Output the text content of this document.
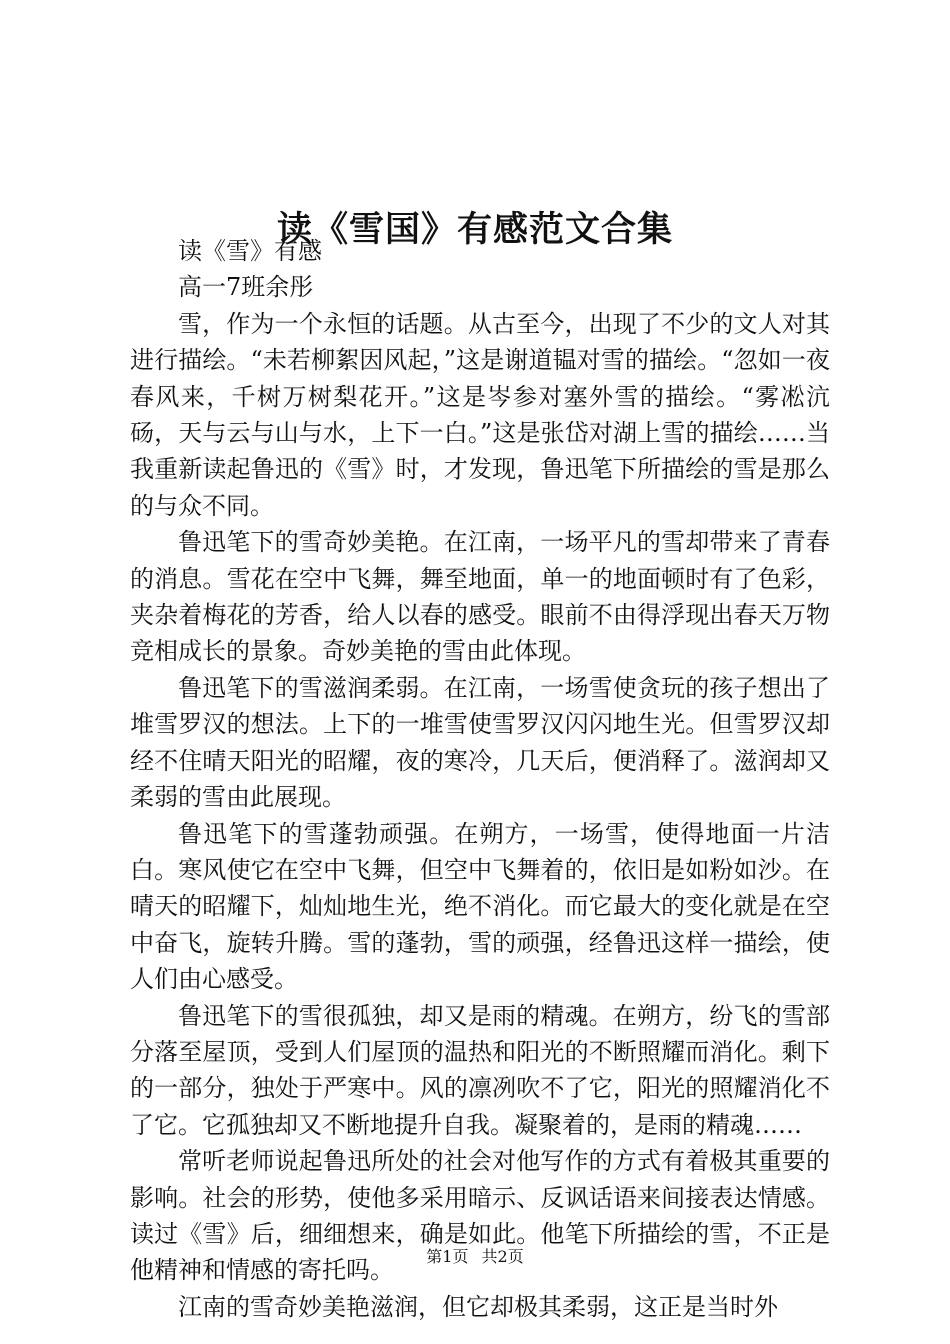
读《雪国》有感范文合集

读《雪》有感

高一7班余彤

雪，作为一个永恒的话题。从古至今，出现了不少的文人对其进行描绘。“未若柳絮因风起，”这是谢道韫对雪的描绘。“忽如一夜春风来，千树万树梨花开。”这是岑参对塞外雪的描绘。“雾凇沆砀，天与云与山与水，上下一白。”这是张岱对湖上雪的描绘……当我重新读起鲁迅的《雪》时，才发现，鲁迅笔下所描绘的雪是那么的与众不同。

鲁迅笔下的雪奇妙美艳。在江南，一场平凡的雪却带来了青春的消息。雪花在空中飞舞，舞至地面，单一的地面顿时有了色彩，夹杂着梅花的芳香，给人以春的感受。眼前不由得浮现出春天万物竞相成长的景象。奇妙美艳的雪由此体现。

鲁迅笔下的雪滋润柔弱。在江南，一场雪使贪玩的孩子想出了堆雪罗汉的想法。上下的一堆雪使雪罗汉闪闪地生光。但雪罗汉却经不住晴天阳光的昭耀，夜的寒冷，几天后，便消释了。滋润却又柔弱的雪由此展现。

鲁迅笔下的雪蓬勃顽强。在朔方，一场雪，使得地面一片洁白。寒风使它在空中飞舞，但空中飞舞着的，依旧是如粉如沙。在晴天的昭耀下，灿灿地生光，绝不消化。而它最大的变化就是在空中奋飞，旋转升腾。雪的蓬勃，雪的顽强，经鲁迅这样一描绘，使人们由心感受。

鲁迅笔下的雪很孤独，却又是雨的精魂。在朔方，纷飞的雪部分落至屋顶，受到人们屋顶的温热和阳光的不断照耀而消化。剩下的一部分，独处于严寒中。风的凛冽吹不了它，阳光的照耀消化不了它。它孤独却又不断地提升自我。凝聚着的，是雨的精魂……

常听老师说起鲁迅所处的社会对他写作的方式有着极其重要的影响。社会的形势，使他多采用暗示、反讽话语来间接表达情感。读过《雪》后，细细想来，确是如此。他笔下所描绘的雪，不正是他精神和情感的寄托吗。

江南的雪奇妙美艳滋润，但它却极其柔弱，这正是当时外

第1页 共2页
